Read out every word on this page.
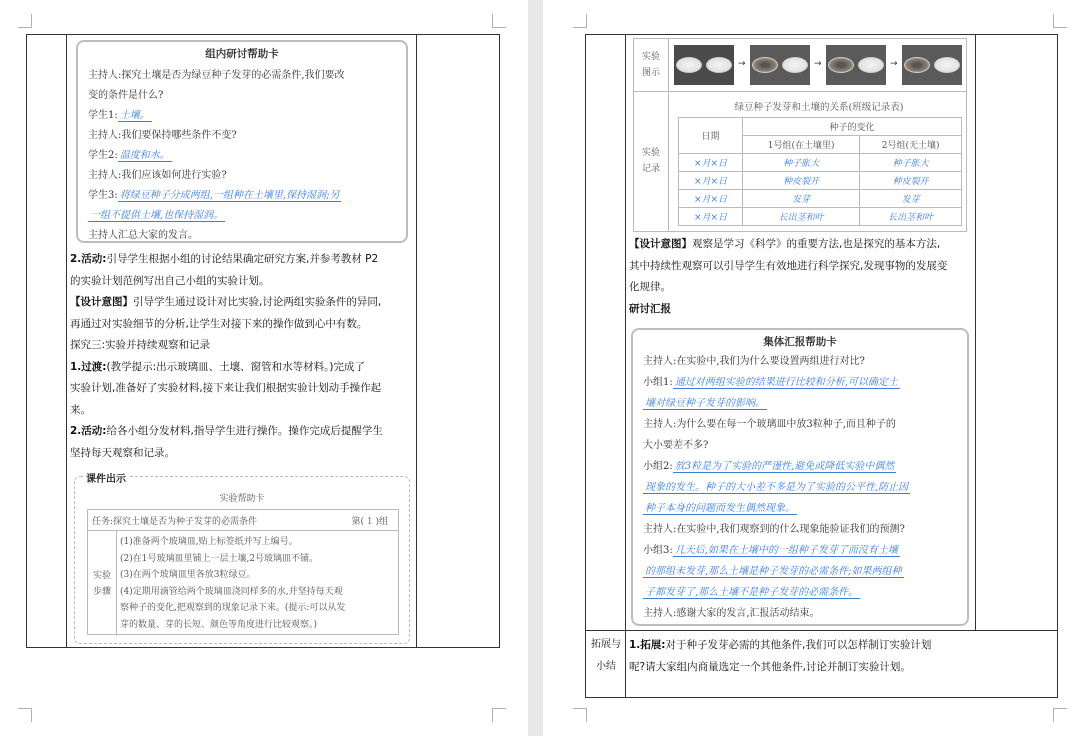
组内研讨帮助卡
主持人:探究土壤是否为绿豆种子发芽的必需条件,我们要改
变的条件是什么?
学生1: 土壤。
主持人:我们要保持哪些条件不变?
学生2: 温度和水。
主持人:我们应该如何进行实验?
学生3: 将绿豆种子分成两组,一组种在土壤里,保持湿润;另
一组不提供土壤,也保持湿润。
主持人汇总大家的发言。
2.活动:引导学生根据小组的讨论结果确定研究方案,并参考教材 P2
的实验计划范例写出自己小组的实验计划。
【设计意图】引导学生通过设计对比实验,讨论两组实验条件的异同,
再通过对实验细节的分析,让学生对接下来的操作做到心中有数。
探究三:实验并持续观察和记录
1.过渡:(教学提示:出示玻璃皿、土壤、窗管和水等材料。)完成了
实验计划,准备好了实验材料,接下来让我们根据实验计划动手操作起
来。
2.活动:给各小组分发材料,指导学生进行操作。操作完成后提醒学生
坚持每天观察和记录。
课件出示
实验帮助卡
任务:探究土壤是否为种子发芽的必需条件	第( 1 )组
实验步骤
(1)准备两个玻璃皿,贴上标签纸并写上编号。
(2)在1号玻璃皿里铺上一层土壤,2号玻璃皿不铺。
(3)在两个玻璃皿里各放3粒绿豆。
(4)定期用滴管给两个玻璃皿浇同样多的水,并坚持每天观
察种子的变化,把观察到的现象记录下来。(提示:可以从发
芽的数量、芽的长短、颜色等角度进行比较观察。)
实验图示
→	→	→
实验记录
绿豆种子发芽和土壤的关系(班级记录表)
日期	种子的变化	
	1号组(在土壤里)	2号组(无土壤)
×月×日	种子胀大	种子胀大
×月×日	种皮裂开	种皮裂开
×月×日	发芽	发芽
×月×日	长出茎和叶	长出茎和叶
【设计意图】观察是学习《科学》的重要方法,也是探究的基本方法,
其中持续性观察可以引导学生有效地进行科学探究,发现事物的发展变
化规律。
研讨汇报
集体汇报帮助卡
主持人:在实验中,我们为什么要设置两组进行对比?
小组1: 通过对两组实验的结果进行比较和分析,可以确定土
壤对绿豆种子发芽的影响。
主持人:为什么要在每一个玻璃皿中放3粒种子,而且种子的
大小要差不多?
小组2: 放3粒是为了实验的严谨性,避免或降低实验中偶然
现象的发生。种子的大小差不多是为了实验的公平性,防止因
种子本身的问题而发生偶然现象。
主持人:在实验中,我们观察到的什么现象能验证我们的预测?
小组3: 几天后,如果在土壤中的一组种子发芽了而没有土壤
的那组未发芽,那么土壤是种子发芽的必需条件;如果两组种
子都发芽了,那么土壤不是种子发芽的必需条件。
主持人:感谢大家的发言,汇报活动结束。
拓展与小结
1.拓展:对于种子发芽必需的其他条件,我们可以怎样制订实验计划
呢?请大家组内商量选定一个其他条件,讨论并制订实验计划。
